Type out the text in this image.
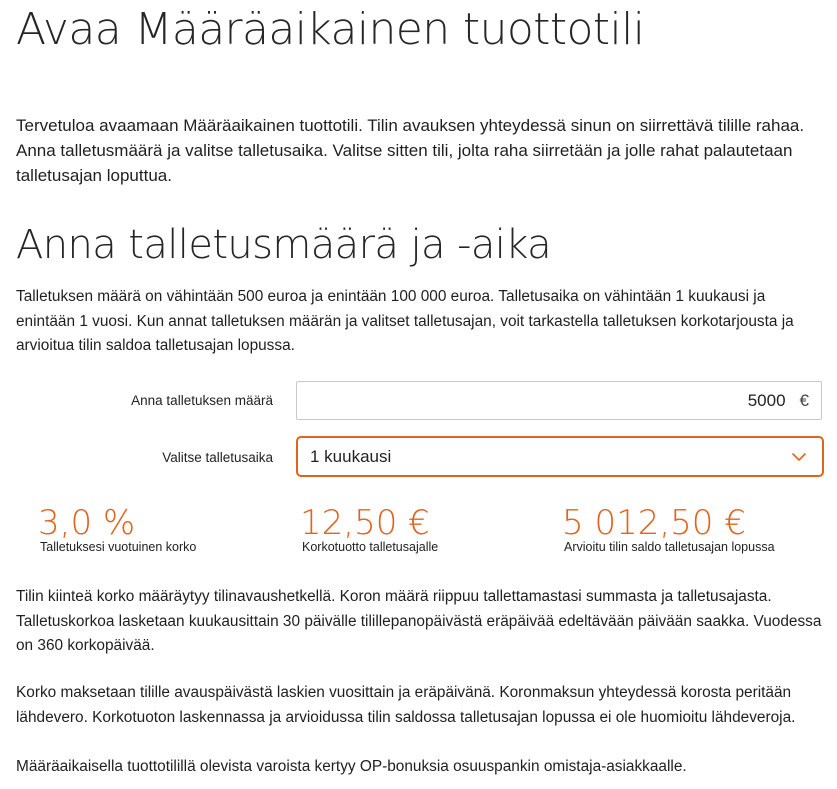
Avaa Määräaikainen tuottotili

Tervetuloa avaamaan Määräaikainen tuottotili. Tilin avauksen yhteydessä sinun on siirrettävä tilille rahaa. Anna talletusmäärä ja valitse talletusaika. Valitse sitten tili, jolta raha siirretään ja jolle rahat palautetaan talletusajan loputtua.

Anna talletusmäärä ja -aika

Talletuksen määrä on vähintään 500 euroa ja enintään 100 000 euroa. Talletusaika on vähintään 1 kuukausi ja enintään 1 vuosi. Kun annat talletuksen määrän ja valitset talletusajan, voit tarkastella talletuksen korkotarjousta ja arvioitua tilin saldoa talletusajan lopussa.

Anna talletuksen määrä	5000 €
Valitse talletusaika 1 kuukausi
3,0 %
Talletuksesi vuotuinen korko
12,50 €
Korkotuotto talletusajalle
5 012,50 €
Arvioitu tilin saldo talletusajan lopussa

Tilin kiinteä korko määräytyy tilinavaushetkellä. Koron määrä riippuu tallettamastasi summasta ja talletusajasta. Talletuskorkoa lasketaan kuukausittain 30 päivälle tilillepanopäivästä eräpäivää edeltävään päivään saakka. Vuodessa on 360 korkopäivää.

Korko maksetaan tilille avauspäivästä laskien vuosittain ja eräpäivänä. Koronmaksun yhteydessä korosta peritään lähdevero. Korkotuoton laskennassa ja arvioidussa tilin saldossa talletusajan lopussa ei ole huomioitu lähdeveroja.

Määräaikaisella tuottotilillä olevista varoista kertyy OP-bonuksia osuuspankin omistaja-asiakkaalle.
